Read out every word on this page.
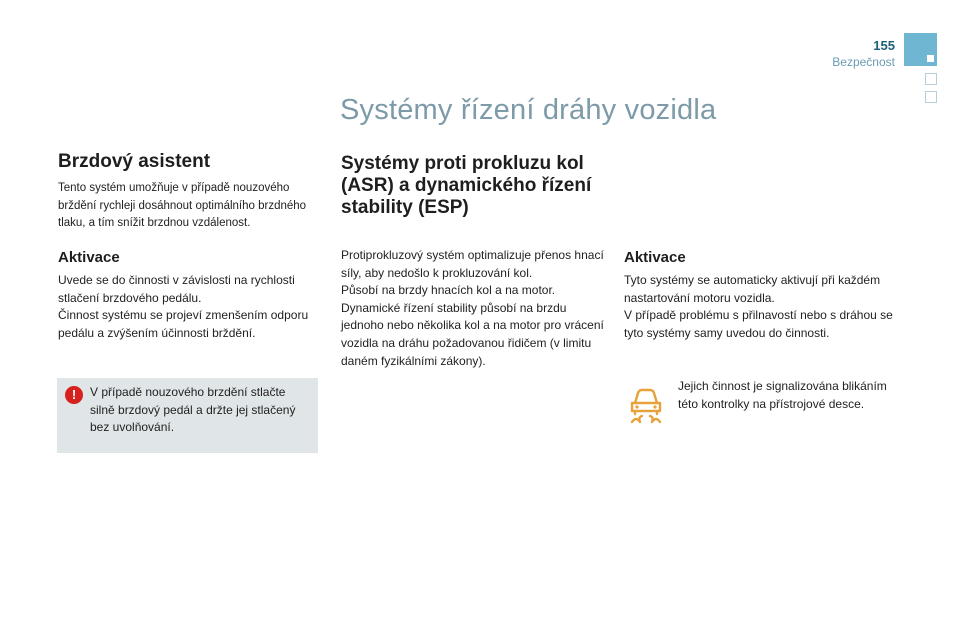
155
Bezpečnost
Systémy řízení dráhy vozidla
Brzdový asistent

Tento systém umožňuje v případě nouzového brždění rychleji dosáhnout optimálního brzdného tlaku, a tím snížit brzdnou vzdálenost.

Aktivace

Uvede se do činnosti v závislosti na rychlosti stlačení brzdového pedálu.

Činnost systému se projeví zmenšením odporu pedálu a zvýšením účinnosti brždění.

!	V případě nouzového brzdění stlačte silně brzdový pedál a držte jej stlačený bez uvolňování.
Systémy proti prokluzu kol (ASR) a dynamického řízení stability (ESP)

Protiprokluzový systém optimalizuje přenos hnací síly, aby nedošlo k prokluzování kol.

Působí na brzdy hnacích kol a na motor.

Dynamické řízení stability působí na brzdu jednoho nebo několika kol a na motor pro vrácení vozidla na dráhu požadovanou řidičem (v limitu daném fyzikálními zákony).

Aktivace

Tyto systémy se automaticky aktivují při každém nastartování motoru vozidla.

V případě problému s přilnavostí nebo s dráhou se tyto systémy samy uvedou do činnosti.

Jejich činnost je signalizována blikáním této kontrolky na přístrojové desce.
